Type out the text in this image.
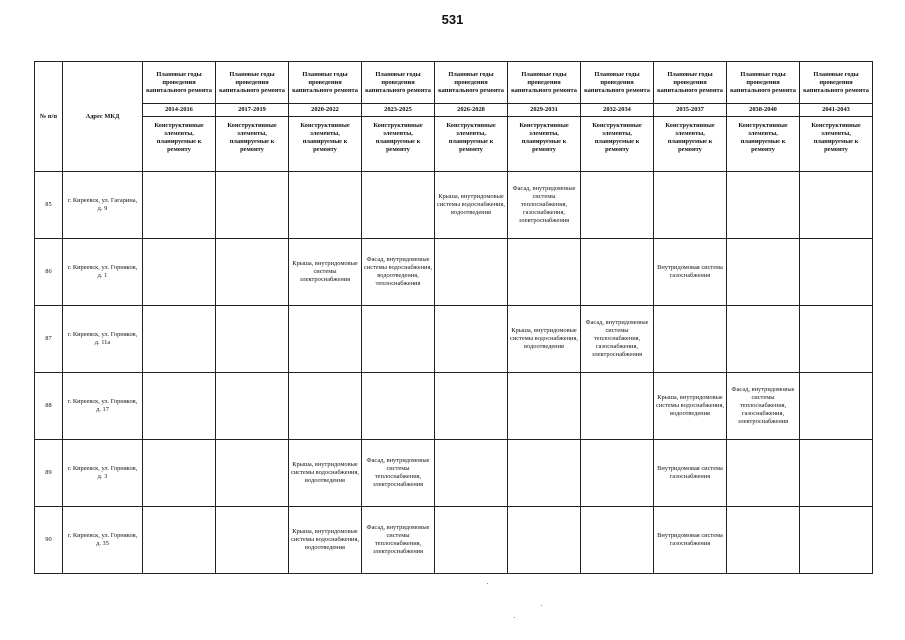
531
№ п/п	Адрес МКД	Плановые годы проведения капитального ремонта	Плановые годы проведения капитального ремонта	Плановые годы проведения капитального ремонта	Плановые годы проведения капитального ремонта	Плановые годы проведения капитального ремонта	Плановые годы проведения капитального ремонта	Плановые годы проведения капитального ремонта	Плановые годы проведения капитального ремонта	Плановые годы проведения капитального ремонта	Плановые годы проведения капитального ремонта
		2014-2016	2017-2019	2020-2022	2023-2025	2026-2028	2029-2031	2032-2034	2035-2037	2038-2040	2041-2043
		Конструктивные элементы, планируемые к ремонту	Конструктивные элементы, планируемые к ремонту	Конструктивные элементы, планируемые к ремонту	Конструктивные элементы, планируемые к ремонту	Конструктивные элементы, планируемые к ремонту	Конструктивные элементы, планируемые к ремонту	Конструктивные элементы, планируемые к ремонту	Конструктивные элементы, планируемые к ремонту	Конструктивные элементы, планируемые к ремонту	Конструктивные элементы, планируемые к ремонту
85	г. Киреевск, ул. Гагарина, д. 9					Крыша, внутридомовые системы водоснабжения, водоотведения	Фасад, внутридомовые системы теплоснабжения, газоснабжения, электроснабжения				
86	г. Киреевск, ул. Горняков, д. 1			Крыша, внутридомовые системы электроснабжения	Фасад, внутридомовые системы водоснабжения, водоотведения, теплоснабжения				Внутридомовая система газоснабжения		
87	г. Киреевск, ул. Горняков, д. 11а						Крыша, внутридомовые системы водоснабжения, водоотведения	Фасад, внутридомовые системы теплоснабжения, газоснабжения, электроснабжения			
88	г. Киреевск, ул. Горняков, д. 17								Крыша, внутридомовые системы водоснабжения, водоотведения	Фасад, внутридомовые системы теплоснабжения, газоснабжения, электроснабжения	
89	г. Киреевск, ул. Горняков, д. 3			Крыша, внутридомовые системы водоснабжения, водоотведения	Фасад, внутридомовые системы теплоснабжения, электроснабжения				Внутридомовая система газоснабжения		
90	г. Киреевск, ул. Горняков, д. 35			Крыша, внутридомовые системы водоснабжения, водоотведения	Фасад, внутридомовые системы теплоснабжения, электроснабжения				Внутридомовая система газоснабжения		
